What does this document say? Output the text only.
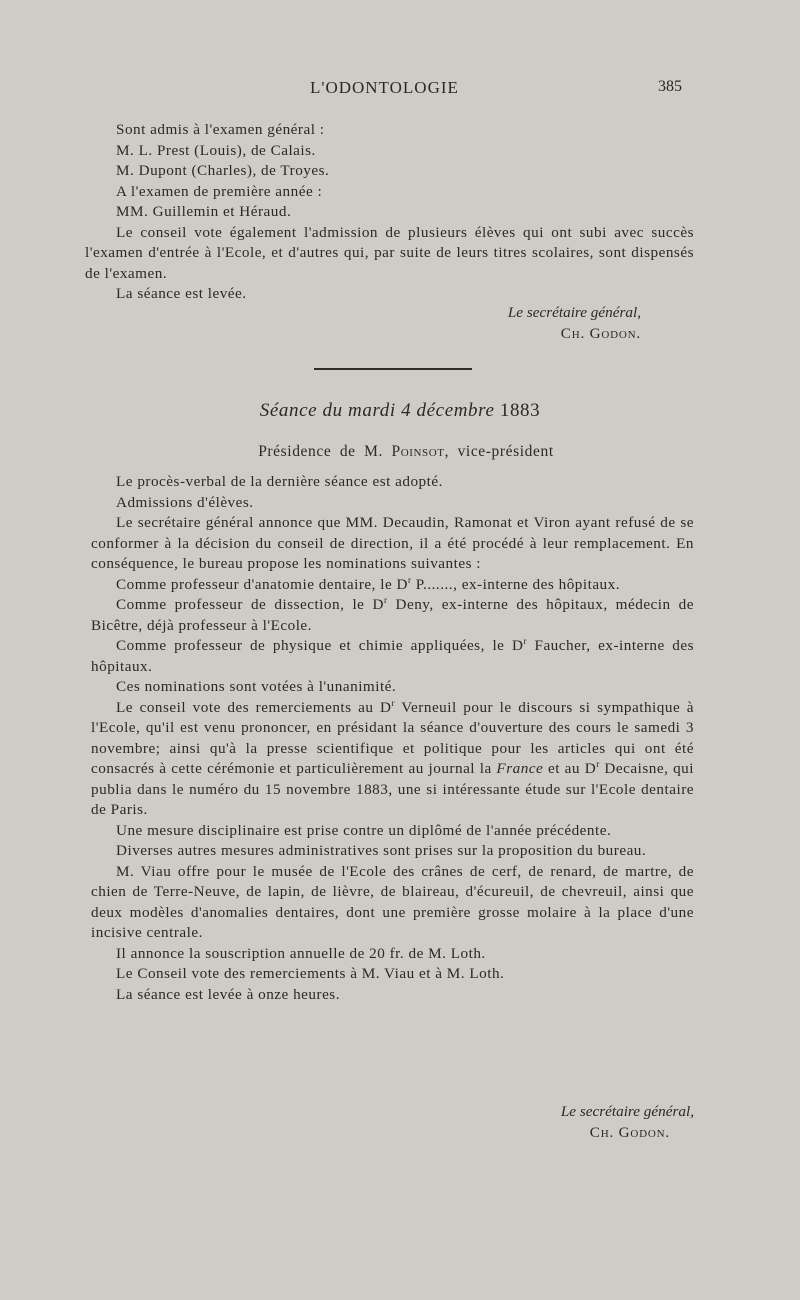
L'ODONTOLOGIE	385

Sont admis à l'examen général :

M. L. Prest (Louis), de Calais.

M. Dupont (Charles), de Troyes.

A l'examen de première année :

MM. Guillemin et Héraud.

Le conseil vote également l'admission de plusieurs élèves qui ont subi avec succès l'examen d'entrée à l'Ecole, et d'autres qui, par suite de leurs titres scolaires, sont dispensés de l'examen.

La séance est levée.

Le secrétaire général,

Ch. Godon.

Séance du mardi 4 décembre 1883
Présidence de M. Poinsot, vice-président

Le procès-verbal de la dernière séance est adopté.

Admissions d'élèves.

Le secrétaire général annonce que MM. Decaudin, Ramonat et Viron ayant refusé de se conformer à la décision du conseil de direction, il a été procédé à leur remplacement. En conséquence, le bureau propose les nominations suivantes :

Comme professeur d'anatomie dentaire, le $D^r$ P......., ex-interne des hôpitaux.

Comme professeur de dissection, le $D^r$ Deny, ex-interne des hôpitaux, médecin de Bicêtre, déjà professeur à l'Ecole.

Comme professeur de physique et chimie appliquées, le $D^r$ Faucher, ex-interne des hôpitaux.

Ces nominations sont votées à l'unanimité.

Le conseil vote des remerciements au $D^r$ Verneuil pour le discours si sympathique à l'Ecole, qu'il est venu prononcer, en présidant la séance d'ouverture des cours le samedi 3 novembre; ainsi qu'à la presse scientifique et politique pour les articles qui ont été consacrés à cette cérémonie et particulièrement au journal la France et au $D^r$ Decaisne, qui publia dans le numéro du 15 novembre 1883, une si intéressante étude sur l'Ecole dentaire de Paris.

Une mesure disciplinaire est prise contre un diplômé de l'année précédente.

Diverses autres mesures administratives sont prises sur la proposition du bureau.

M. Viau offre pour le musée de l'Ecole des crânes de cerf, de renard, de martre, de chien de Terre-Neuve, de lapin, de lièvre, de blaireau, d'écureuil, de chevreuil, ainsi que deux modèles d'anomalies dentaires, dont une première grosse molaire à la place d'une incisive centrale.

Il annonce la souscription annuelle de 20 fr. de M. Loth.

Le Conseil vote des remerciements à M. Viau et à M. Loth.

La séance est levée à onze heures.

Le secrétaire général,

Ch. Godon.
